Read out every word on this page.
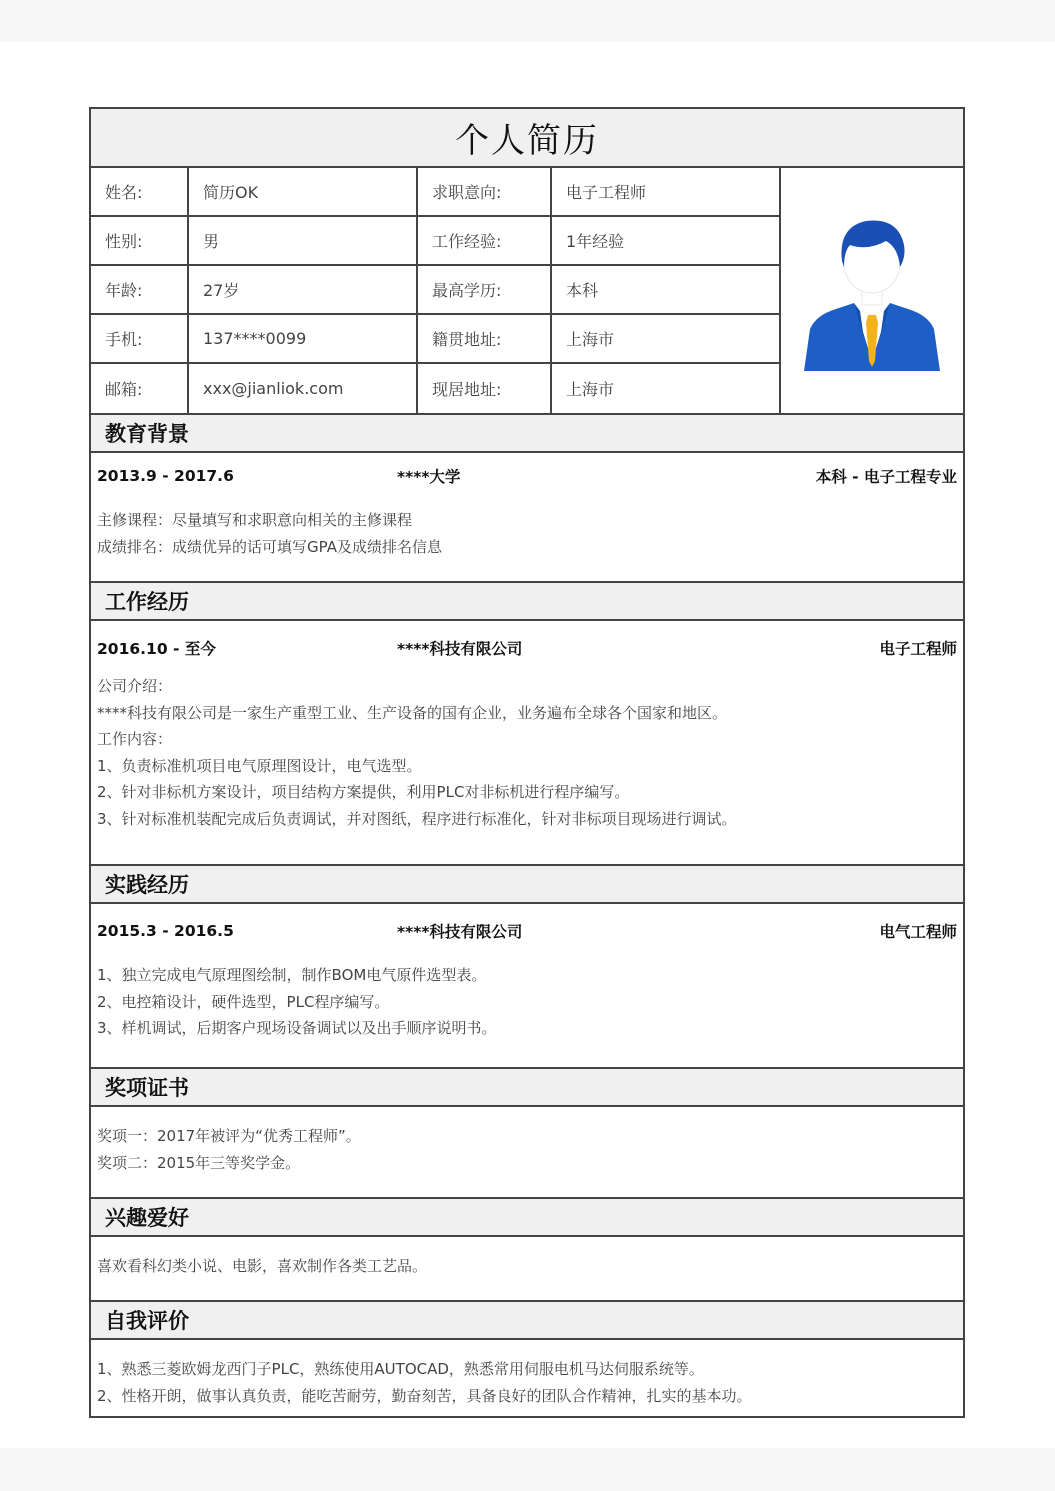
个人简历
姓名:	简历OK	求职意向:	电子工程师
性别:	男	工作经验:	1年经验
年龄:	27岁	最高学历:	本科
手机:	137****0099	籍贯地址:	上海市
邮箱:	xxx@jianliok.com	现居地址:	上海市
教育背景
2013.9 - 2017.6	****大学	本科 - 电子工程专业
主修课程：尽量填写和求职意向相关的主修课程
成绩排名：成绩优异的话可填写GPA及成绩排名信息
工作经历
2016.10 - 至今	****科技有限公司	电子工程师
公司介绍：
****科技有限公司是一家生产重型工业、生产设备的国有企业，业务遍布全球各个国家和地区。
工作内容：
1、负责标准机项目电气原理图设计，电气选型。
2、针对非标机方案设计，项目结构方案提供，利用PLC对非标机进行程序编写。
3、针对标准机装配完成后负责调试，并对图纸，程序进行标准化，针对非标项目现场进行调试。
实践经历
2015.3 - 2016.5	****科技有限公司	电气工程师
1、独立完成电气原理图绘制，制作BOM电气原件选型表。
2、电控箱设计，硬件选型，PLC程序编写。
3、样机调试，后期客户现场设备调试以及出手顺序说明书。
奖项证书
奖项一：2017年被评为“优秀工程师”。
奖项二：2015年三等奖学金。
兴趣爱好
喜欢看科幻类小说、电影，喜欢制作各类工艺品。
自我评价
1、熟悉三菱欧姆龙西门子PLC，熟练使用AUTOCAD，熟悉常用伺服电机马达伺服系统等。
2、性格开朗，做事认真负责，能吃苦耐劳，勤奋刻苦，具备良好的团队合作精神，扎实的基本功。
